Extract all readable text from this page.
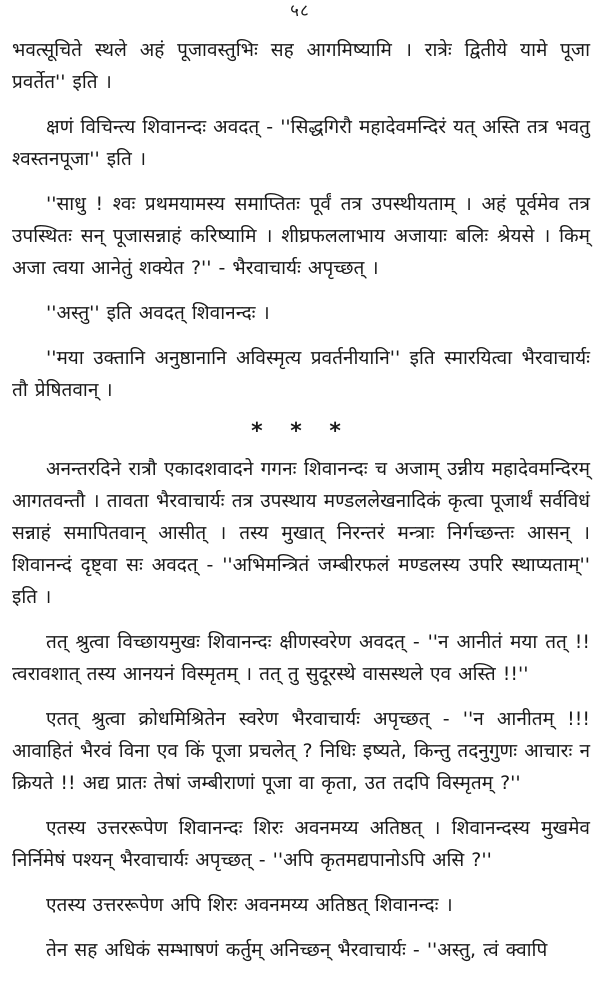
५८

भवत्सूचिते स्थले अहं पूजावस्तुभिः सह आगमिष्यामि । रात्रेः द्वितीये यामे पूजा प्रवर्तेत'' इति ।

क्षणं विचिन्त्य शिवानन्दः अवदत् - ''सिद्धगिरौ महादेवमन्दिरं यत् अस्ति तत्र भवतु श्वस्तनपूजा'' इति ।

''साधु ! श्वः प्रथमयामस्य समाप्तितः पूर्वं तत्र उपस्थीयताम् । अहं पूर्वमेव तत्र उपस्थितः सन् पूजासन्नाहं करिष्यामि । शीघ्रफललाभाय अजायाः बलिः श्रेयसे । किम् अजा त्वया आनेतुं शक्येत ?'' - भैरवाचार्यः अपृच्छत् ।

''अस्तु'' इति अवदत् शिवानन्दः ।

''मया उक्तानि अनुष्ठानानि अविस्मृत्य प्रवर्तनीयानि'' इति स्मारयित्वा भैरवाचार्यः तौ प्रेषितवान् ।

* * *

अनन्तरदिने रात्रौ एकादशवादने गगनः शिवानन्दः च अजाम् उन्नीय महादेवमन्दिरम् आगतवन्तौ । तावता भैरवाचार्यः तत्र उपस्थाय मण्डललेखनादिकं कृत्वा पूजार्थं सर्वविधं सन्नाहं समापितवान् आसीत् । तस्य मुखात् निरन्तरं मन्त्राः निर्गच्छन्तः आसन् । शिवानन्दं दृष्ट्वा सः अवदत् - ''अभिमन्त्रितं जम्बीरफलं मण्डलस्य उपरि स्थाप्यताम्'' इति ।

तत् श्रुत्वा विच्छायमुखः शिवानन्दः क्षीणस्वरेण अवदत् - ''न आनीतं मया तत् !! त्वरावशात् तस्य आनयनं विस्मृतम् । तत् तु सुदूरस्थे वासस्थले एव अस्ति !!''

एतत् श्रुत्वा क्रोधमिश्रितेन स्वरेण भैरवाचार्यः अपृच्छत् - ''न आनीतम् !!! आवाहितं भैरवं विना एव किं पूजा प्रचलेत् ? निधिः इष्यते, किन्तु तदनुगुणः आचारः न क्रियते !! अद्य प्रातः तेषां जम्बीराणां पूजा वा कृता, उत तदपि विस्मृतम् ?''

एतस्य उत्तररूपेण शिवानन्दः शिरः अवनमय्य अतिष्ठत् । शिवानन्दस्य मुखमेव निर्निमेषं पश्यन् भैरवाचार्यः अपृच्छत् - ''अपि कृतमद्यपानोऽपि असि ?''

एतस्य उत्तररूपेण अपि शिरः अवनमय्य अतिष्ठत् शिवानन्दः ।

तेन सह अधिकं सम्भाषणं कर्तुम् अनिच्छन् भैरवाचार्यः - ''अस्तु, त्वं क्वापि
